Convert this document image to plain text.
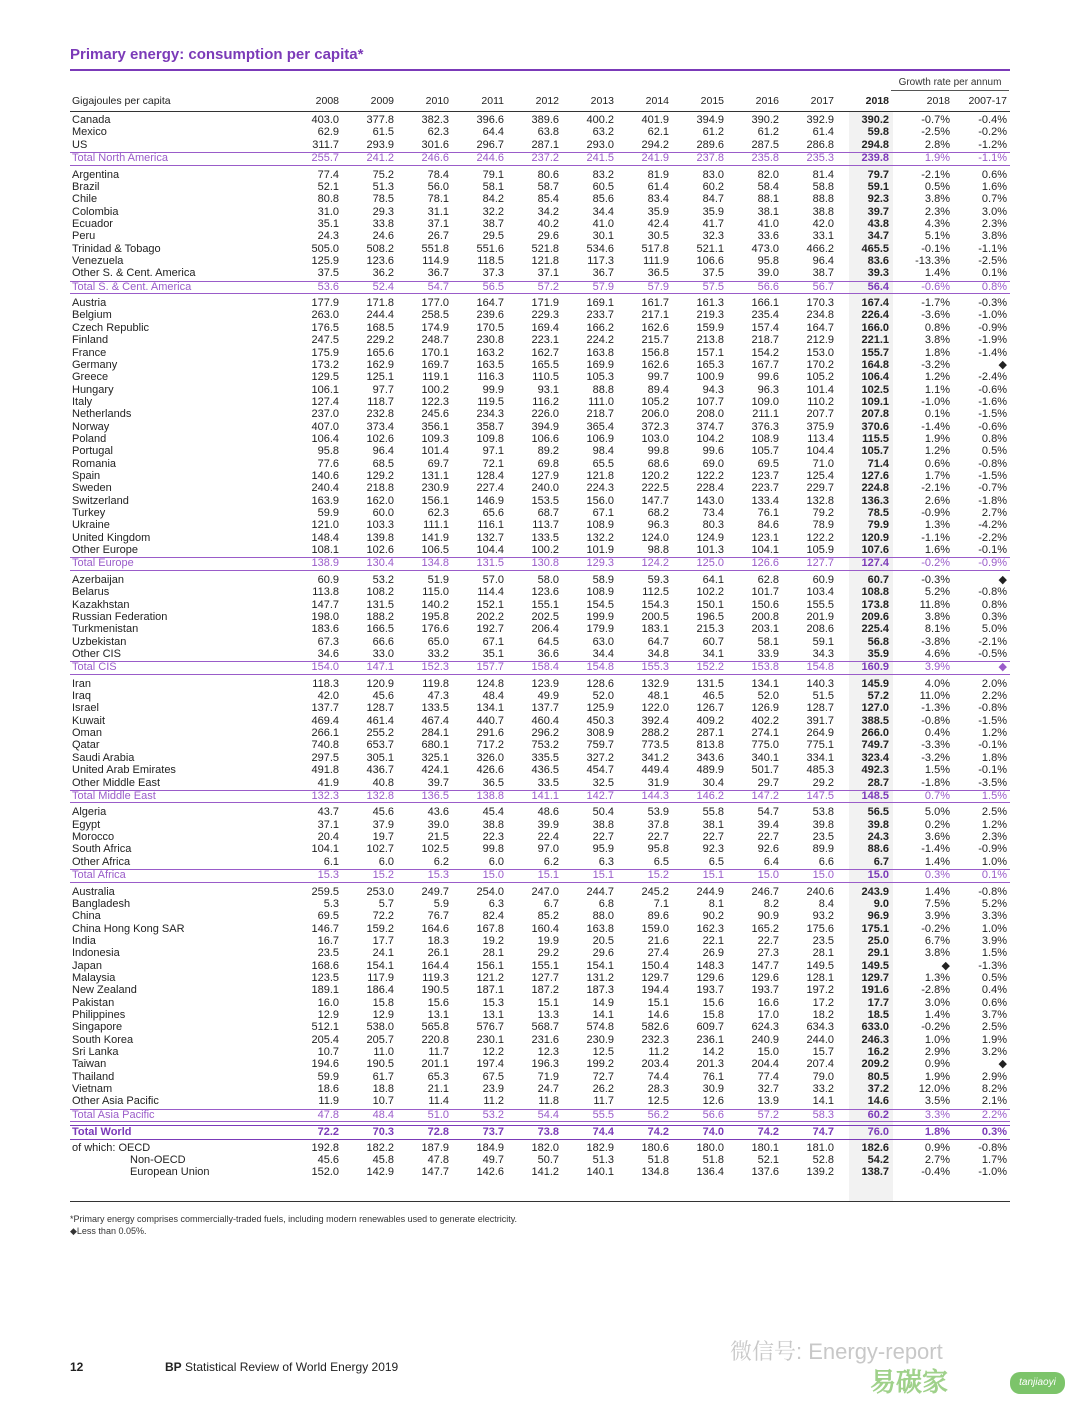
Primary energy: consumption per capita*
Growth rate per annum
Gigajoules per capita	2008	2009	2010	2011	2012	2013	2014	2015	2016	2017	2018	2018	2007-17
Canada	403.0	377.8	382.3	396.6	389.6	400.2	401.9	394.9	390.2	392.9	390.2	-0.7%	-0.4%
Mexico	62.9	61.5	62.3	64.4	63.8	63.2	62.1	61.2	61.2	61.4	59.8	-2.5%	-0.2%
US	311.7	293.9	301.6	296.7	287.1	293.0	294.2	289.6	287.5	286.8	294.8	2.8%	-1.2%
Total North America	255.7	241.2	246.6	244.6	237.2	241.5	241.9	237.8	235.8	235.3	239.8	1.9%	-1.1%
Argentina	77.4	75.2	78.4	79.1	80.6	83.2	81.9	83.0	82.0	81.4	79.7	-2.1%	0.6%
Brazil	52.1	51.3	56.0	58.1	58.7	60.5	61.4	60.2	58.4	58.8	59.1	0.5%	1.6%
Chile	80.8	78.5	78.1	84.2	85.4	85.6	83.4	84.7	88.1	88.8	92.3	3.8%	0.7%
Colombia	31.0	29.3	31.1	32.2	34.2	34.4	35.9	35.9	38.1	38.8	39.7	2.3%	3.0%
Ecuador	35.1	33.8	37.1	38.7	40.2	41.0	42.4	41.7	41.0	42.0	43.8	4.3%	2.3%
Peru	24.3	24.6	26.7	29.5	29.6	30.1	30.5	32.3	33.6	33.1	34.7	5.1%	3.8%
Trinidad & Tobago	505.0	508.2	551.8	551.6	521.8	534.6	517.8	521.1	473.0	466.2	465.5	-0.1%	-1.1%
Venezuela	125.9	123.6	114.9	118.5	121.8	117.3	111.9	106.6	95.8	96.4	83.6	-13.3%	-2.5%
Other S. & Cent. America	37.5	36.2	36.7	37.3	37.1	36.7	36.5	37.5	39.0	38.7	39.3	1.4%	0.1%
Total S. & Cent. America	53.6	52.4	54.7	56.5	57.2	57.9	57.9	57.5	56.6	56.7	56.4	-0.6%	0.8%
Austria	177.9	171.8	177.0	164.7	171.9	169.1	161.7	161.3	166.1	170.3	167.4	-1.7%	-0.3%
Belgium	263.0	244.4	258.5	239.6	229.3	233.7	217.1	219.3	235.4	234.8	226.4	-3.6%	-1.0%
Czech Republic	176.5	168.5	174.9	170.5	169.4	166.2	162.6	159.9	157.4	164.7	166.0	0.8%	-0.9%
Finland	247.5	229.2	248.7	230.8	223.1	224.2	215.7	213.8	218.7	212.9	221.1	3.8%	-1.9%
France	175.9	165.6	170.1	163.2	162.7	163.8	156.8	157.1	154.2	153.0	155.7	1.8%	-1.4%
Germany	173.2	162.9	169.7	163.5	165.5	169.9	162.6	165.3	167.7	170.2	164.8	-3.2%	◆
Greece	129.5	125.1	119.1	116.3	110.5	105.3	99.7	100.9	99.6	105.2	106.4	1.2%	-2.4%
Hungary	106.1	97.7	100.2	99.9	93.1	88.8	89.4	94.3	96.3	101.4	102.5	1.1%	-0.6%
Italy	127.4	118.7	122.3	119.5	116.2	111.0	105.2	107.7	109.0	110.2	109.1	-1.0%	-1.6%
Netherlands	237.0	232.8	245.6	234.3	226.0	218.7	206.0	208.0	211.1	207.7	207.8	0.1%	-1.5%
Norway	407.0	373.4	356.1	358.7	394.9	365.4	372.3	374.7	376.3	375.9	370.6	-1.4%	-0.6%
Poland	106.4	102.6	109.3	109.8	106.6	106.9	103.0	104.2	108.9	113.4	115.5	1.9%	0.8%
Portugal	95.8	96.4	101.4	97.1	89.2	98.4	99.8	99.6	105.7	104.4	105.7	1.2%	0.5%
Romania	77.6	68.5	69.7	72.1	69.8	65.5	68.6	69.0	69.5	71.0	71.4	0.6%	-0.8%
Spain	140.6	129.2	131.1	128.4	127.9	121.8	120.2	122.2	123.7	125.4	127.6	1.7%	-1.5%
Sweden	240.4	218.8	230.9	227.4	240.0	224.3	222.5	228.4	223.7	229.7	224.8	-2.1%	-0.7%
Switzerland	163.9	162.0	156.1	146.9	153.5	156.0	147.7	143.0	133.4	132.8	136.3	2.6%	-1.8%
Turkey	59.9	60.0	62.3	65.6	68.7	67.1	68.2	73.4	76.1	79.2	78.5	-0.9%	2.7%
Ukraine	121.0	103.3	111.1	116.1	113.7	108.9	96.3	80.3	84.6	78.9	79.9	1.3%	-4.2%
United Kingdom	148.4	139.8	141.9	132.7	133.5	132.2	124.0	124.9	123.1	122.2	120.9	-1.1%	-2.2%
Other Europe	108.1	102.6	106.5	104.4	100.2	101.9	98.8	101.3	104.1	105.9	107.6	1.6%	-0.1%
Total Europe	138.9	130.4	134.8	131.5	130.8	129.3	124.2	125.0	126.6	127.7	127.4	-0.2%	-0.9%
Azerbaijan	60.9	53.2	51.9	57.0	58.0	58.9	59.3	64.1	62.8	60.9	60.7	-0.3%	◆
Belarus	113.8	108.2	115.0	114.4	123.6	108.9	112.5	102.2	101.7	103.4	108.8	5.2%	-0.8%
Kazakhstan	147.7	131.5	140.2	152.1	155.1	154.5	154.3	150.1	150.6	155.5	173.8	11.8%	0.8%
Russian Federation	198.0	188.2	195.8	202.2	202.5	199.9	200.5	196.5	200.8	201.9	209.6	3.8%	0.3%
Turkmenistan	183.6	166.5	176.6	192.7	206.4	179.9	183.1	215.3	203.1	208.6	225.4	8.1%	5.0%
Uzbekistan	67.3	66.6	65.0	67.1	64.5	63.0	64.7	60.7	58.1	59.1	56.8	-3.8%	-2.1%
Other CIS	34.6	33.0	33.2	35.1	36.6	34.4	34.8	34.1	33.9	34.3	35.9	4.6%	-0.5%
Total CIS	154.0	147.1	152.3	157.7	158.4	154.8	155.3	152.2	153.8	154.8	160.9	3.9%	◆
Iran	118.3	120.9	119.8	124.8	123.9	128.6	132.9	131.5	134.1	140.3	145.9	4.0%	2.0%
Iraq	42.0	45.6	47.3	48.4	49.9	52.0	48.1	46.5	52.0	51.5	57.2	11.0%	2.2%
Israel	137.7	128.7	133.5	134.1	137.7	125.9	122.0	126.7	126.9	128.7	127.0	-1.3%	-0.8%
Kuwait	469.4	461.4	467.4	440.7	460.4	450.3	392.4	409.2	402.2	391.7	388.5	-0.8%	-1.5%
Oman	266.1	255.2	284.1	291.6	296.2	308.9	288.2	287.1	274.1	264.9	266.0	0.4%	1.2%
Qatar	740.8	653.7	680.1	717.2	753.2	759.7	773.5	813.8	775.0	775.1	749.7	-3.3%	-0.1%
Saudi Arabia	297.5	305.1	325.1	326.0	335.5	327.2	341.2	343.6	340.1	334.1	323.4	-3.2%	1.8%
United Arab Emirates	491.8	436.7	424.1	426.6	436.5	454.7	449.4	489.9	501.7	485.3	492.3	1.5%	-0.1%
Other Middle East	41.9	40.8	39.7	36.5	33.5	32.5	31.9	30.4	29.7	29.2	28.7	-1.8%	-3.5%
Total Middle East	132.3	132.8	136.5	138.8	141.1	142.7	144.3	146.2	147.2	147.5	148.5	0.7%	1.5%
Algeria	43.7	45.6	43.6	45.4	48.6	50.4	53.9	55.8	54.7	53.8	56.5	5.0%	2.5%
Egypt	37.1	37.9	39.0	38.8	39.9	38.8	37.8	38.1	39.4	39.8	39.8	0.2%	1.2%
Morocco	20.4	19.7	21.5	22.3	22.4	22.7	22.7	22.7	22.7	23.5	24.3	3.6%	2.3%
South Africa	104.1	102.7	102.5	99.8	97.0	95.9	95.8	92.3	92.6	89.9	88.6	-1.4%	-0.9%
Other Africa	6.1	6.0	6.2	6.0	6.2	6.3	6.5	6.5	6.4	6.6	6.7	1.4%	1.0%
Total Africa	15.3	15.2	15.3	15.0	15.1	15.1	15.2	15.1	15.0	15.0	15.0	0.3%	0.1%
Australia	259.5	253.0	249.7	254.0	247.0	244.7	245.2	244.9	246.7	240.6	243.9	1.4%	-0.8%
Bangladesh	5.3	5.7	5.9	6.3	6.7	6.8	7.1	8.1	8.2	8.4	9.0	7.5%	5.2%
China	69.5	72.2	76.7	82.4	85.2	88.0	89.6	90.2	90.9	93.2	96.9	3.9%	3.3%
China Hong Kong SAR	146.7	159.2	164.6	167.8	160.4	163.8	159.0	162.3	165.2	175.6	175.1	-0.2%	1.0%
India	16.7	17.7	18.3	19.2	19.9	20.5	21.6	22.1	22.7	23.5	25.0	6.7%	3.9%
Indonesia	23.5	24.1	26.1	28.1	29.2	29.6	27.4	26.9	27.3	28.1	29.1	3.8%	1.5%
Japan	168.6	154.1	164.4	156.1	155.1	154.1	150.4	148.3	147.7	149.5	149.5	◆	-1.3%
Malaysia	123.5	117.9	119.3	121.2	127.7	131.2	129.7	129.6	129.6	128.1	129.7	1.3%	0.5%
New Zealand	189.1	186.4	190.5	187.1	187.2	187.3	194.4	193.7	193.7	197.2	191.6	-2.8%	0.4%
Pakistan	16.0	15.8	15.6	15.3	15.1	14.9	15.1	15.6	16.6	17.2	17.7	3.0%	0.6%
Philippines	12.9	12.9	13.1	13.1	13.3	14.1	14.6	15.8	17.0	18.2	18.5	1.4%	3.7%
Singapore	512.1	538.0	565.8	576.7	568.7	574.8	582.6	609.7	624.3	634.3	633.0	-0.2%	2.5%
South Korea	205.4	205.7	220.8	230.1	231.6	230.9	232.3	236.1	240.9	244.0	246.3	1.0%	1.9%
Sri Lanka	10.7	11.0	11.7	12.2	12.3	12.5	11.2	14.2	15.0	15.7	16.2	2.9%	3.2%
Taiwan	194.6	190.5	201.1	197.4	196.3	199.2	203.4	201.3	204.4	207.4	209.2	0.9%	◆
Thailand	59.9	61.7	65.3	67.5	71.9	72.7	74.4	76.1	77.4	79.0	80.5	1.9%	2.9%
Vietnam	18.6	18.8	21.1	23.9	24.7	26.2	28.3	30.9	32.7	33.2	37.2	12.0%	8.2%
Other Asia Pacific	11.9	10.7	11.4	11.2	11.8	11.7	12.5	12.6	13.9	14.1	14.6	3.5%	2.1%
Total Asia Pacific	47.8	48.4	51.0	53.2	54.4	55.5	56.2	56.6	57.2	58.3	60.2	3.3%	2.2%
Total World	72.2	70.3	72.8	73.7	73.8	74.4	74.2	74.0	74.2	74.7	76.0	1.8%	0.3%
of which: OECD	192.8	182.2	187.9	184.9	182.0	182.9	180.6	180.0	180.1	181.0	182.6	0.9%	-0.8%
Non-OECD	45.6	45.8	47.8	49.7	50.7	51.3	51.8	51.8	52.1	52.8	54.2	2.7%	1.7%
European Union	152.0	142.9	147.7	142.6	141.2	140.1	134.8	136.4	137.6	139.2	138.7	-0.4%	-1.0%
*Primary energy comprises commercially-traded fuels, including modern renewables used to generate electricity.
◆Less than 0.05%.
12	BP Statistical Review of World Energy 2019
微信号: Energy-report
易碳家	tanjiaoyi .com
